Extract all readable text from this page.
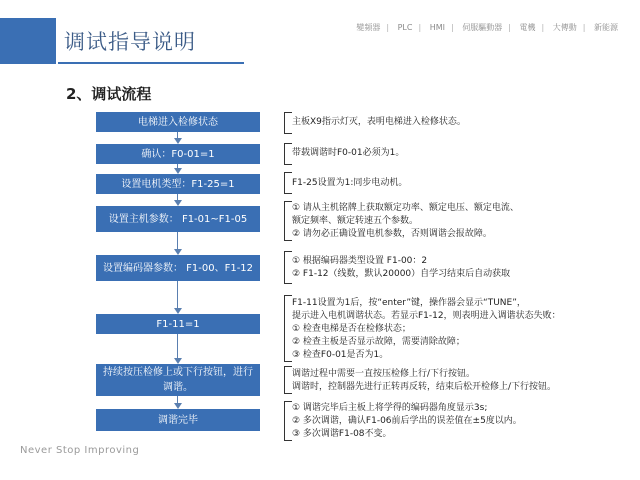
调试指导说明
變頻器 | PLC | HMI | 伺服驅動器 | 電機 | 大傳動 | 新能源
2、调试流程
电梯进入检修状态
确认：F0-01=1
设置电机类型：F1-25=1
设置主机参数： F1-01~F1-05
设置编码器参数： F1-00、F1-12
F1-11=1
持续按压检修上或下行按钮，进行调谐。
调谐完毕
主板X9指示灯灭，表明电梯进入检修状态。
带载调谐时F0-01必须为1。
F1-25设置为1:同步电动机。
① 请从主机铭牌上获取额定功率、额定电压、额定电流、
额定频率、额定转速五个参数。
② 请勿必正确设置电机参数，否则调谐会报故障。
① 根据编码器类型设置 F1-00：2
② F1-12（线数，默认20000）自学习结束后自动获取
F1-11设置为1后，按“enter”键，操作器会显示“TUNE”，
提示进入电机调谐状态。若显示F1-12，则表明进入调谐状态失败：
① 检查电梯是否在检修状态；
② 检查主板是否显示故障，需要清除故障；
③ 检查F0-01是否为1。
调谐过程中需要一直按压检修上行/下行按钮。
调谐时，控制器先进行正转再反转，结束后松开检修上/下行按钮。
① 调谐完毕后主板上将学得的编码器角度显示3s;
② 多次调谐，确认F1-06前后学出的误差值在±5度以内。
③ 多次调谐F1-08不变。
Never Stop Improving
